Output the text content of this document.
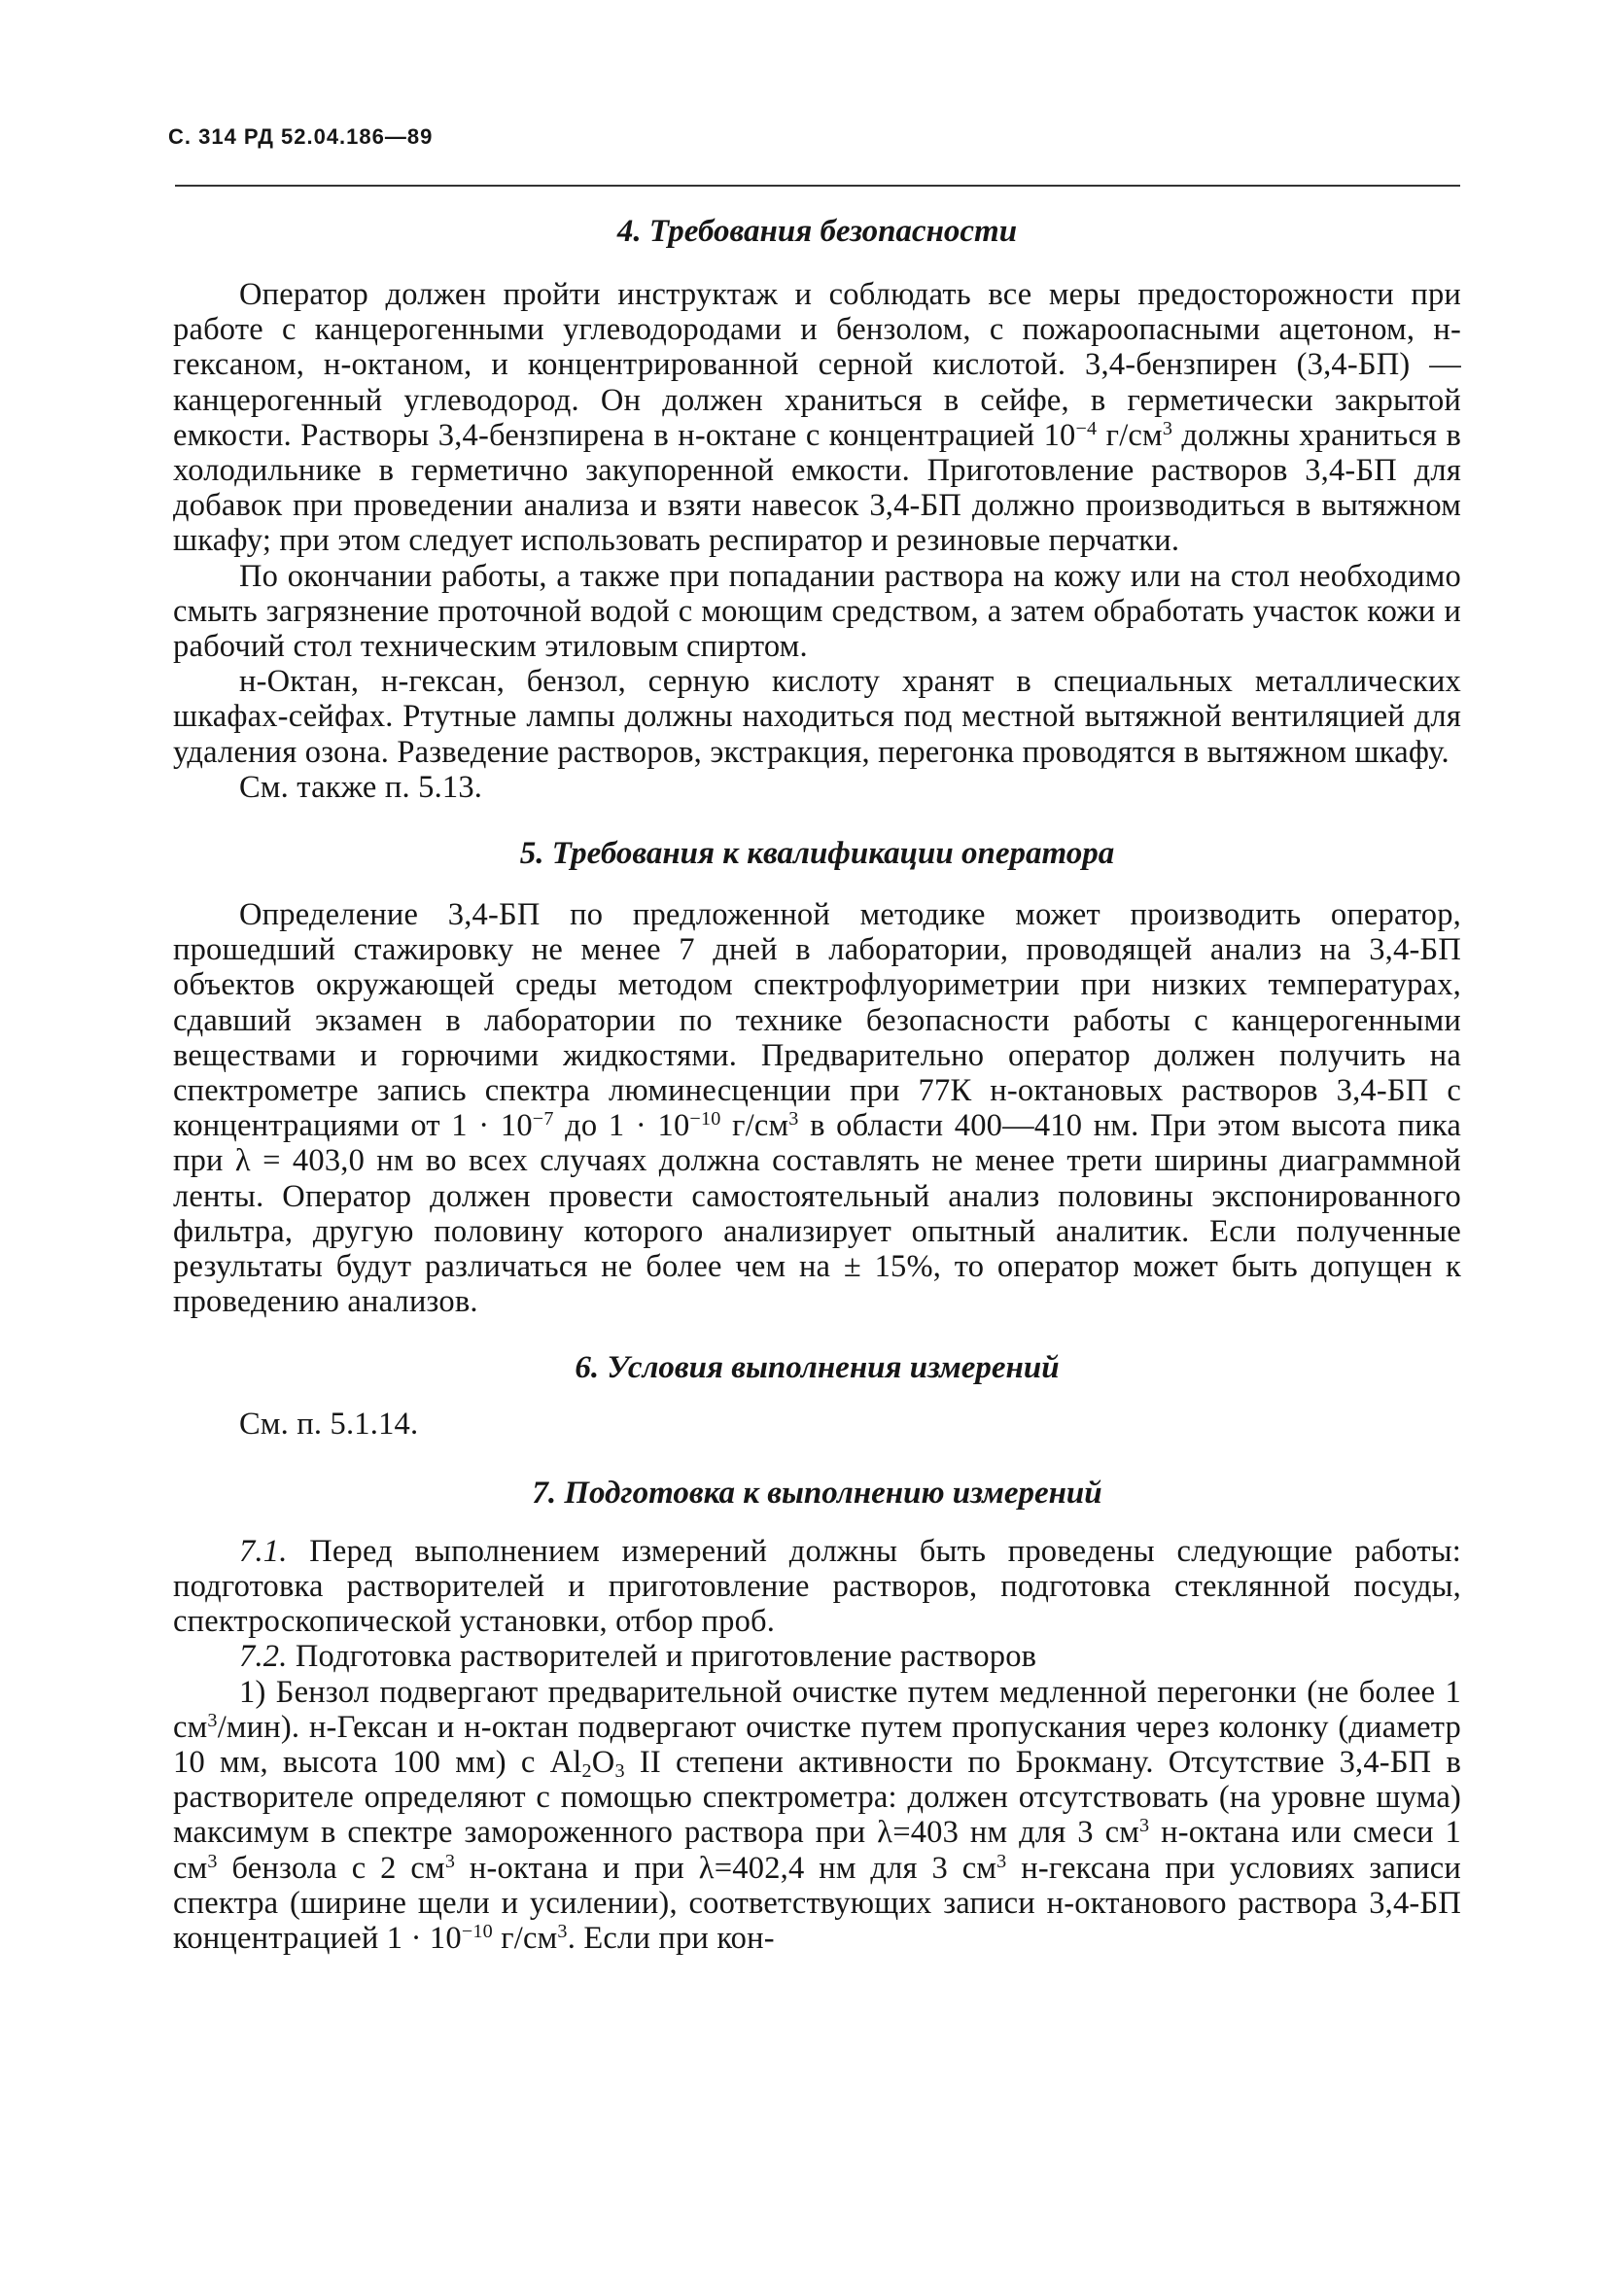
С. 314 РД 52.04.186—89
4. Требования безопасности

Оператор должен пройти инструктаж и соблюдать все меры предосторожности при работе с канцерогенными углеводородами и бензолом, с пожароопасными ацетоном, н-гексаном, н-октаном, и концентрированной серной кислотой. 3,4-бензпирен (3,4-БП) — канцерогенный углеводород. Он должен храниться в сейфе, в герметически закрытой емкости. Растворы 3,4-бензпирена в н-октане с концентрацией $10^{-4}$ $г/см^3$ должны храниться в холодильнике в герметично закупоренной емкости. Приготовление растворов 3,4-БП для добавок при проведении анализа и взяти навесок 3,4-БП должно производиться в вытяжном шкафу; при этом следует использовать респиратор и резиновые перчатки.

По окончании работы, а также при попадании раствора на кожу или на стол необходимо смыть загрязнение проточной водой с моющим средством, а затем обработать участок кожи и рабочий стол техническим этиловым спиртом.

н-Октан, н-гексан, бензол, серную кислоту хранят в специальных металлических шкафах-сейфах. Ртутные лампы должны находиться под местной вытяжной вентиляцией для удаления озона. Разведение растворов, экстракция, перегонка проводятся в вытяжном шкафу.

См. также п. 5.13.

5. Требования к квалификации оператора

Определение 3,4-БП по предложенной методике может производить оператор, прошедший стажировку не менее 7 дней в лаборатории, проводящей анализ на 3,4-БП объектов окружающей среды методом спектрофлуориметрии при низких температурах, сдавший экзамен в лаборатории по технике безопасности работы с канцерогенными веществами и горючими жидкостями. Предварительно оператор должен получить на спектрометре запись спектра люминесценции при 77К н-октановых растворов 3,4-БП с концентрациями от $1 \cdot 10^{-7}$ до $1 \cdot 10^{-10}$ $г/см^3$ в области 400—410 нм. При этом высота пика при λ = 403,0 нм во всех случаях должна составлять не менее трети ширины диаграммной ленты. Оператор должен провести самостоятельный анализ половины экспонированного фильтра, другую половину которого анализирует опытный аналитик. Если полученные результаты будут различаться не более чем на ± 15%, то оператор может быть допущен к проведению анализов.

6. Условия выполнения измерений

См. п. 5.1.14.

7. Подготовка к выполнению измерений

7.1. Перед выполнением измерений должны быть проведены следующие работы: подготовка растворителей и приготовление растворов, подготовка стеклянной посуды, спектроскопической установки, отбор проб.

7.2. Подготовка растворителей и приготовление растворов

1) Бензол подвергают предварительной очистке путем медленной перегонки (не более 1 $см^3/мин$). н-Гексан и н-октан подвергают очистке путем пропускания через колонку (диаметр 10 мм, высота 100 мм) с $Al_2O_3$ II степени активности по Брокману. Отсутствие 3,4-БП в растворителе определяют с помощью спектрометра: должен отсутствовать (на уровне шума) максимум в спектре замороженного раствора при λ=403 нм для 3 $см^3$ н-октана или смеси 1 $см^3$ бензола с 2 $см^3$ н-октана и при λ=402,4 нм для 3 $см^3$ н-гексана при условиях записи спектра (ширине щели и усилении), соответствующих записи н-октанового раствора 3,4-БП концентрацией $1 \cdot 10^{-10}$ $г/см^3$. Если при кон-
